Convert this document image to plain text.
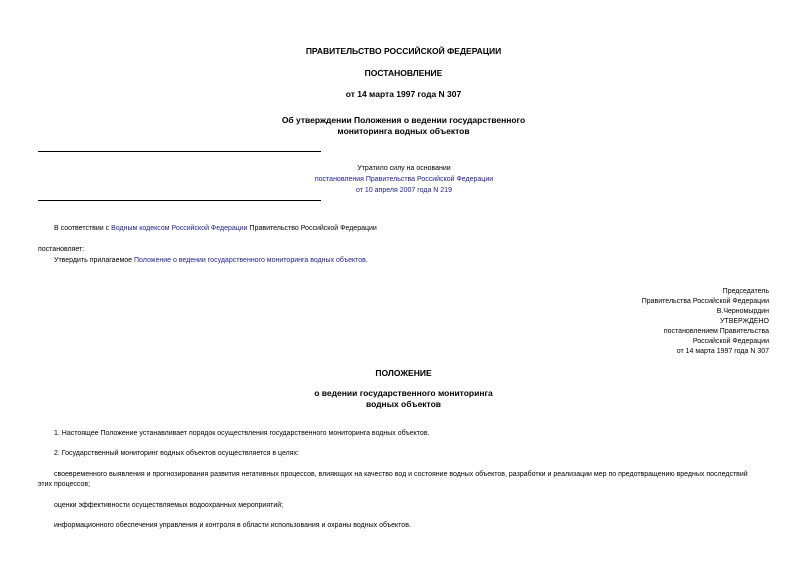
ПРАВИТЕЛЬСТВО РОССИЙСКОЙ ФЕДЕРАЦИИ
ПОСТАНОВЛЕНИЕ
от 14 марта 1997 года N 307
Об утверждении Положения о ведении государственного
мониторинга водных объектов
Утратило силу на основании
постановления Правительства Российской Федерации
от 10 апреля 2007 года N 219
В соответствии с Водным кодексом Российской Федерации Правительство Российской Федерации
постановляет:
Утвердить прилагаемое Положение о ведении государственного мониторинга водных объектов.
Председатель
Правительства Российской Федерации
В.Черномырдин
УТВЕРЖДЕНО
постановлением Правительства
Российской Федерации
от 14 марта 1997 года N 307
ПОЛОЖЕНИЕ
о ведении государственного мониторинга
водных объектов
1. Настоящее Положение устанавливает порядок осуществления государственного мониторинга водных объектов.
2. Государственный мониторинг водных объектов осуществляется в целях:
своевременного выявления и прогнозирования развития негативных процессов, влияющих на качество вод и состояние водных объектов, разработки и реализации мер по предотвращению вредных последствий
этих процессов;
оценки эффективности осуществляемых водоохранных мероприятий;
информационного обеспечения управления и контроля в области использования и охраны водных объектов.
